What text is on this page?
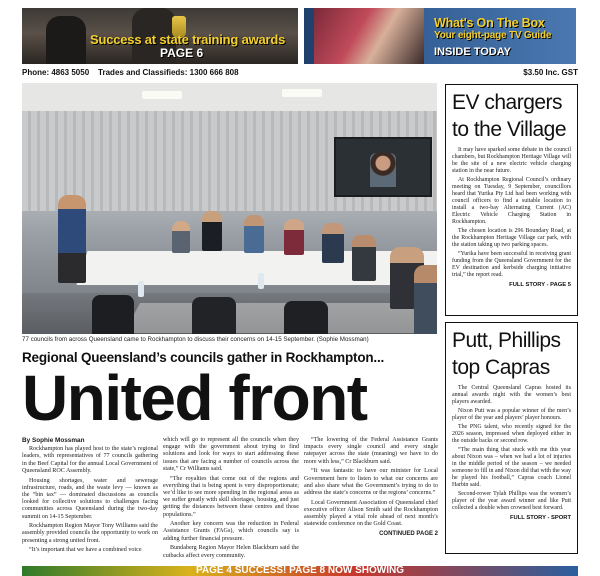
Success at state training awards
PAGE 6
What's On The Box
Your eight-page TV Guide
INSIDE TODAY
Phone: 4863 5050 Trades and Classifieds: 1300 666 808	$3.50 Inc. GST
77 councils from across Queensland came to Rockhampton to discuss their concerns on 14-15 September. (Sophie Mossman)
Regional Queensland’s councils gather in Rockhampton...
United front
By Sophie Mossman

Rockhampton has played host to the state’s regional leaders, with representatives of 77 councils gathering in the Beef Capital for the annual Local Government of Queensland ROC Assembly.

Housing shortages, water and sewerage infrastructure, roads, and the waste levy — known as the “bin tax” — dominated discussions as councils looked for collective solutions to challenges facing communities across Queensland during the two-day summit on 14-15 September.

Rockhampton Region Mayor Tony Williams said the assembly provided councils the opportunity to work on presenting a strong united front.

“It’s important that we have a combined voice

which will go to represent all the councils when they engage with the government about trying to find solutions and look for ways to start addressing these issues that are facing a number of councils across the state,” Cr Williams said.

“The royalties that come out of the regions and everything that is being spent is very disproportionate; we’d like to see more spending in the regional areas as we suffer greatly with skill shortages, housing, and just getting the distances between these centres and those populations.”

Another key concern was the reduction in Federal Assistance Grants (FAGs), which councils say is adding further financial pressure.

Bundaberg Region Mayor Helen Blackburn said the cutbacks affect every community.

“The lowering of the Federal Assistance Grants impacts every single council and every single ratepayer across the state (meaning) we have to do more with less,” Cr Blackburn said.

“It was fantastic to have our minister for Local Government here to listen to what our concerns are and also share what the Government’s trying to do to address the state’s concerns or the regions’ concerns.”

Local Government Association of Queensland chief executive officer Alison Smith said the Rockhampton assembly played a vital role ahead of next month’s statewide conference on the Gold Coast.

CONTINUED PAGE 2
EV chargers to the Village

It may have sparked some debate in the council chambers, but Rockhampton Heritage Village will be the site of a new electric vehicle charging station in the near future.

At Rockhampton Regional Council’s ordinary meeting on Tuesday, 9 September, councillors heard that Yurika Pty Ltd had been working with council officers to find a suitable location to install a two-bay Alternating Current (AC) Electric Vehicle Charging Station in Rockhampton.

The chosen location is 296 Boundary Road, at the Rockhampton Heritage Village car park, with the station taking up two parking spaces.

“Yurika have been successful in receiving grant funding from the Queensland Government for the EV destination and kerbside charging initiative trial,” the report read.

FULL STORY - PAGE 5
Putt, Phillips top Capras

The Central Queensland Capras hosted its annual awards night with the women’s best players awarded.

Nixon Putt was a popular winner of the men’s player of the year and players’ player honours.

The PNG talent, who recently signed for the 2026 season, impressed when deployed either in the outside backs or second row.

“The main thing that stuck with me this year about Nixon was – when we had a lot of injuries in the middle period of the season – we needed someone to fill in and Nixon did that with the way he played his football,” Capras coach Lionel Harbin said.

Second-rower Tylah Phillips was the women’s player of the year award winner and like Putt collected a double when crowned best forward.

FULL STORY - SPORT
PAGE 4 SUCCESS! PAGE 8 NOW SHOWING
